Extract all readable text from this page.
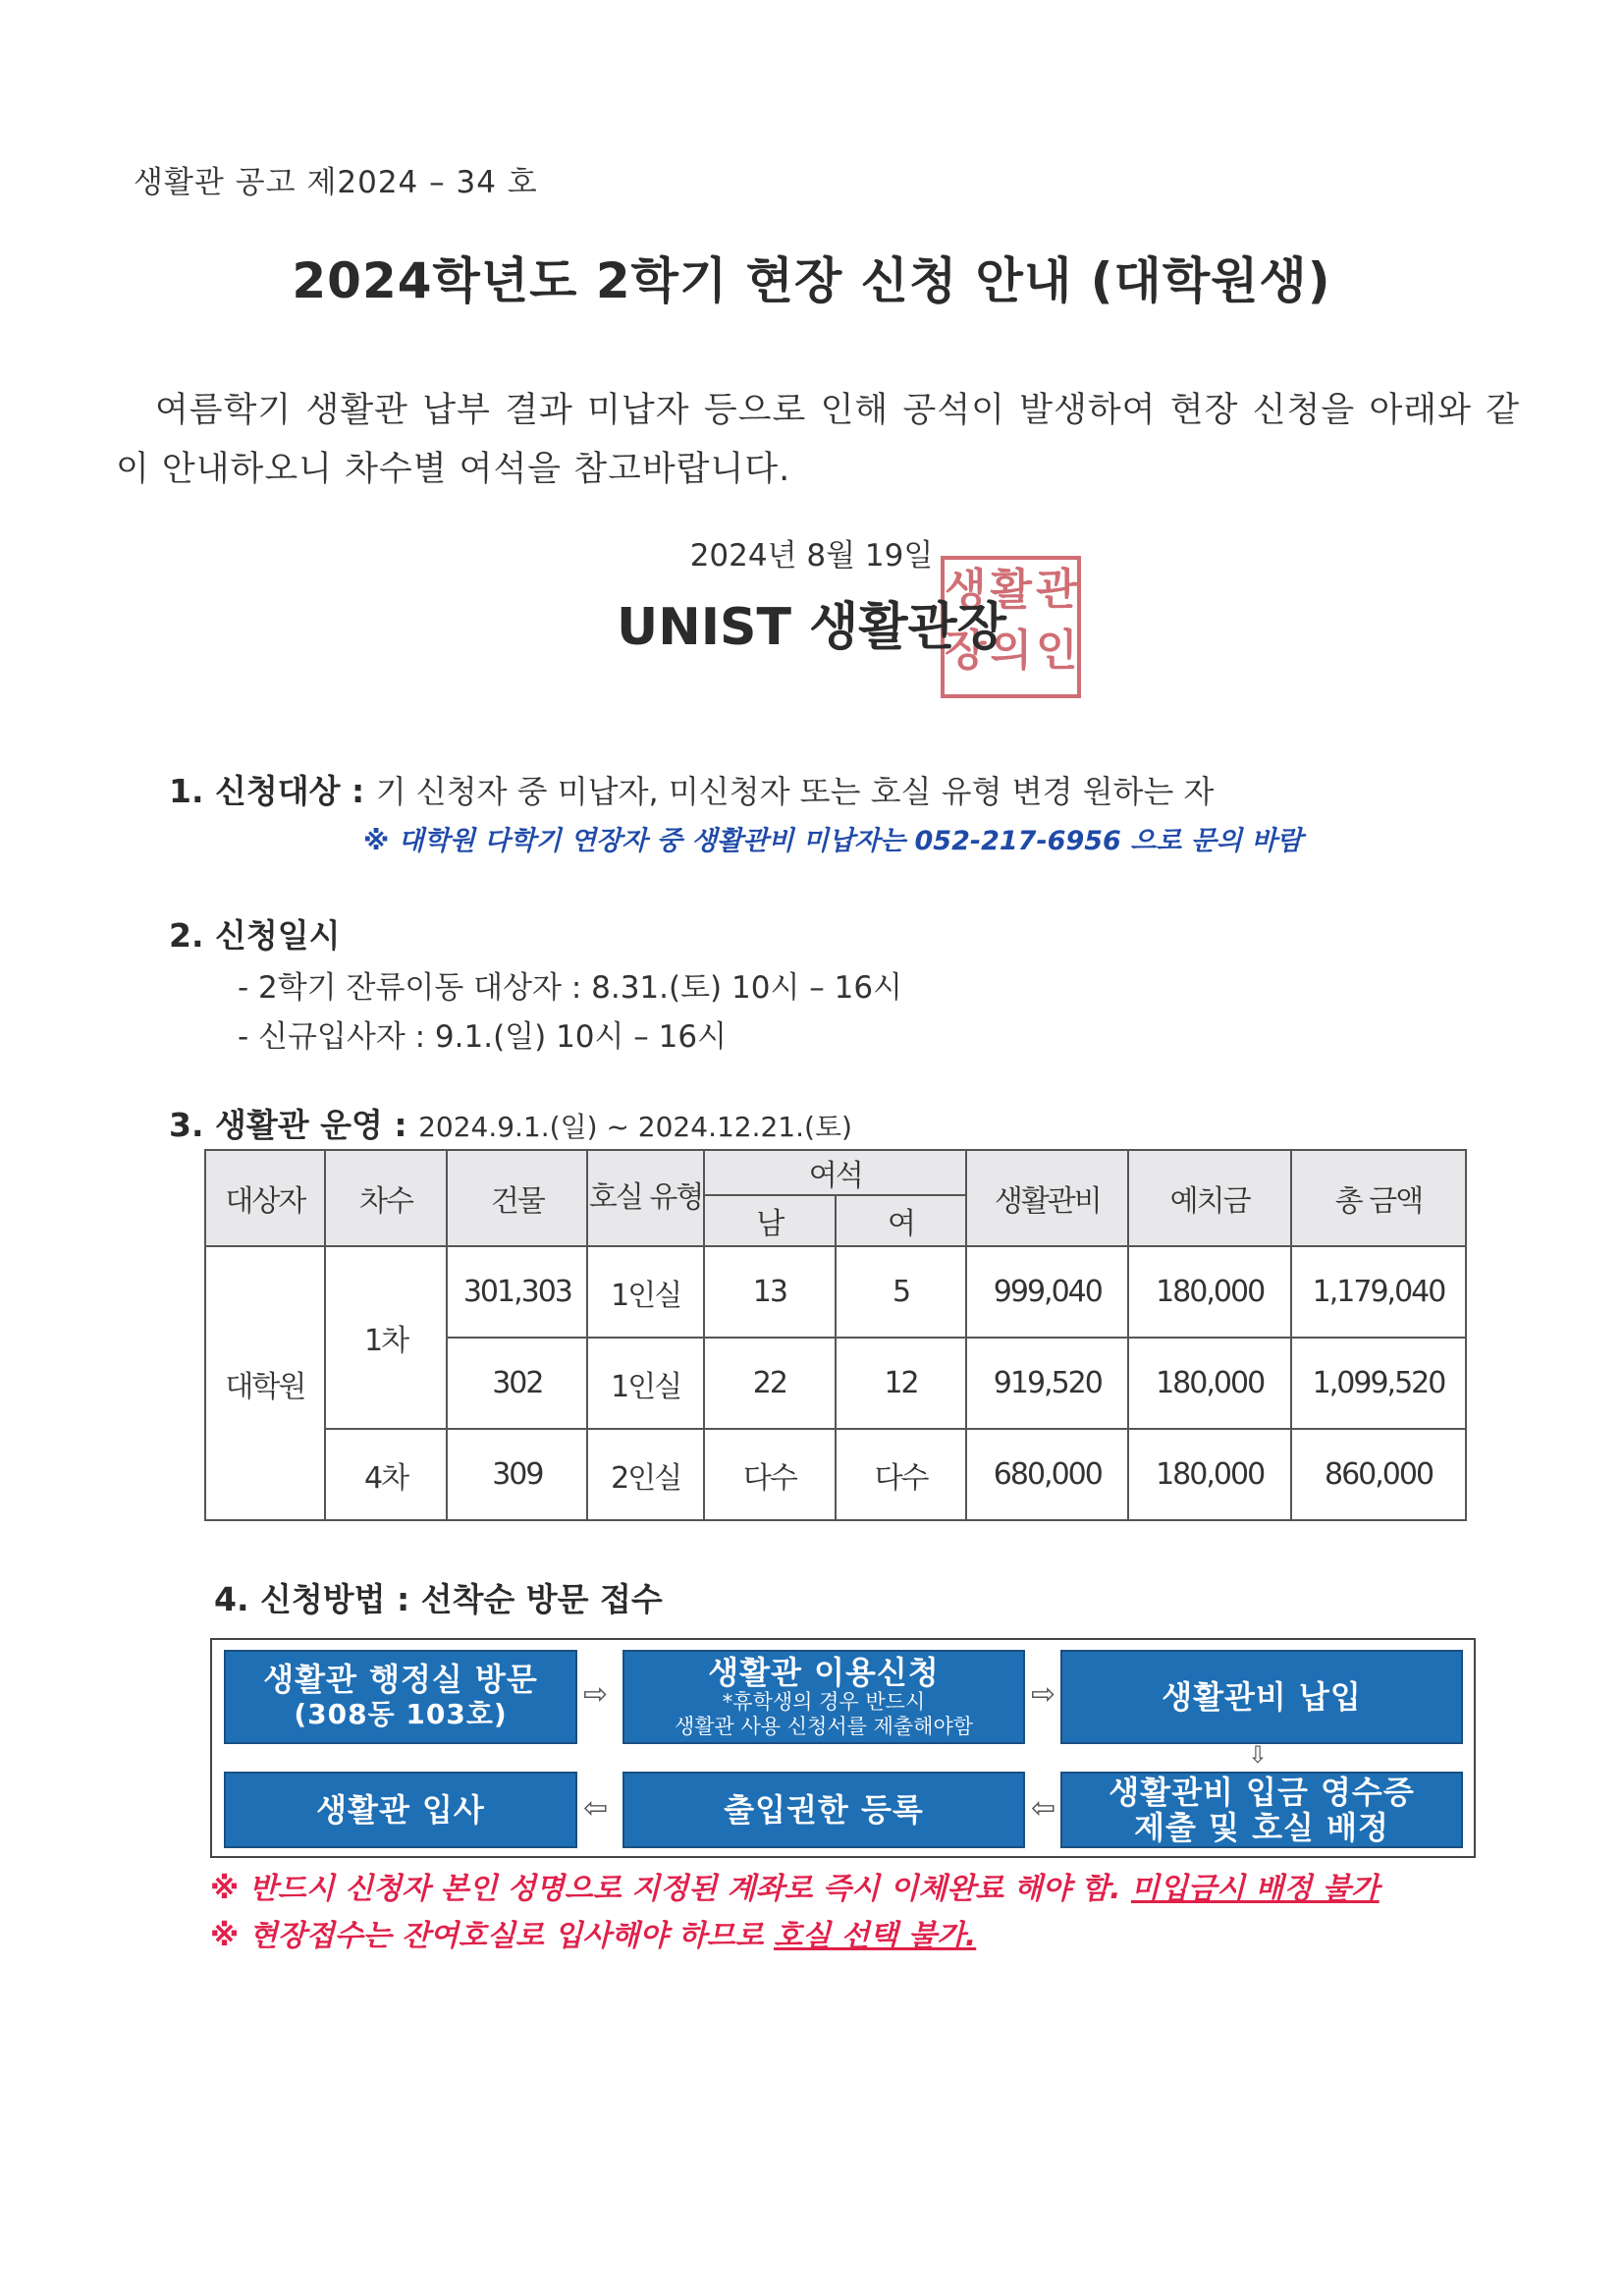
생활관 공고 제2024 – 34 호
2024학년도 2학기 현장 신청 안내 (대학원생)
여름학기 생활관 납부 결과 미납자 등으로 인해 공석이 발생하여 현장 신청을 아래와 같이 안내하오니 차수별 여석을 참고바랍니다.
2024년 8월 19일
생활관
장의인
UNIST 생활관장
1. 신청대상 : 기 신청자 중 미납자, 미신청자 또는 호실 유형 변경 원하는 자
※ 대학원 다학기 연장자 중 생활관비 미납자는 052-217-6956 으로 문의 바람
2. 신청일시
- 2학기 잔류이동 대상자 : 8.31.(토) 10시 – 16시
- 신규입사자 : 9.1.(일) 10시 – 16시
3. 생활관 운영 : 2024.9.1.(일) ~ 2024.12.21.(토)
대상자	차수	건물	호실 유형	여석		생활관비	예치금	총 금액
				남	여			
대학원	1차	301,303	1인실	13	5	999,040	180,000	1,179,040
		302	1인실	22	12	919,520	180,000	1,099,520
	4차	309	2인실	다수	다수	680,000	180,000	860,000
4. 신청방법 : 선착순 방문 접수
생활관 행정실 방문
(308동 103호)
⇨
생활관 이용신청
*휴학생의 경우 반드시
생활관 사용 신청서를 제출해야함
⇨	생활관비 납입
⇩
생활관비 입금 영수증
제출 및 호실 배정
⇦
출입권한 등록
⇦
생활관 입사
※ 반드시 신청자 본인 성명으로 지정된 계좌로 즉시 이체완료 해야 함. 미입금시 배정 불가
※ 현장접수는 잔여호실로 입사해야 하므로 호실 선택 불가.
